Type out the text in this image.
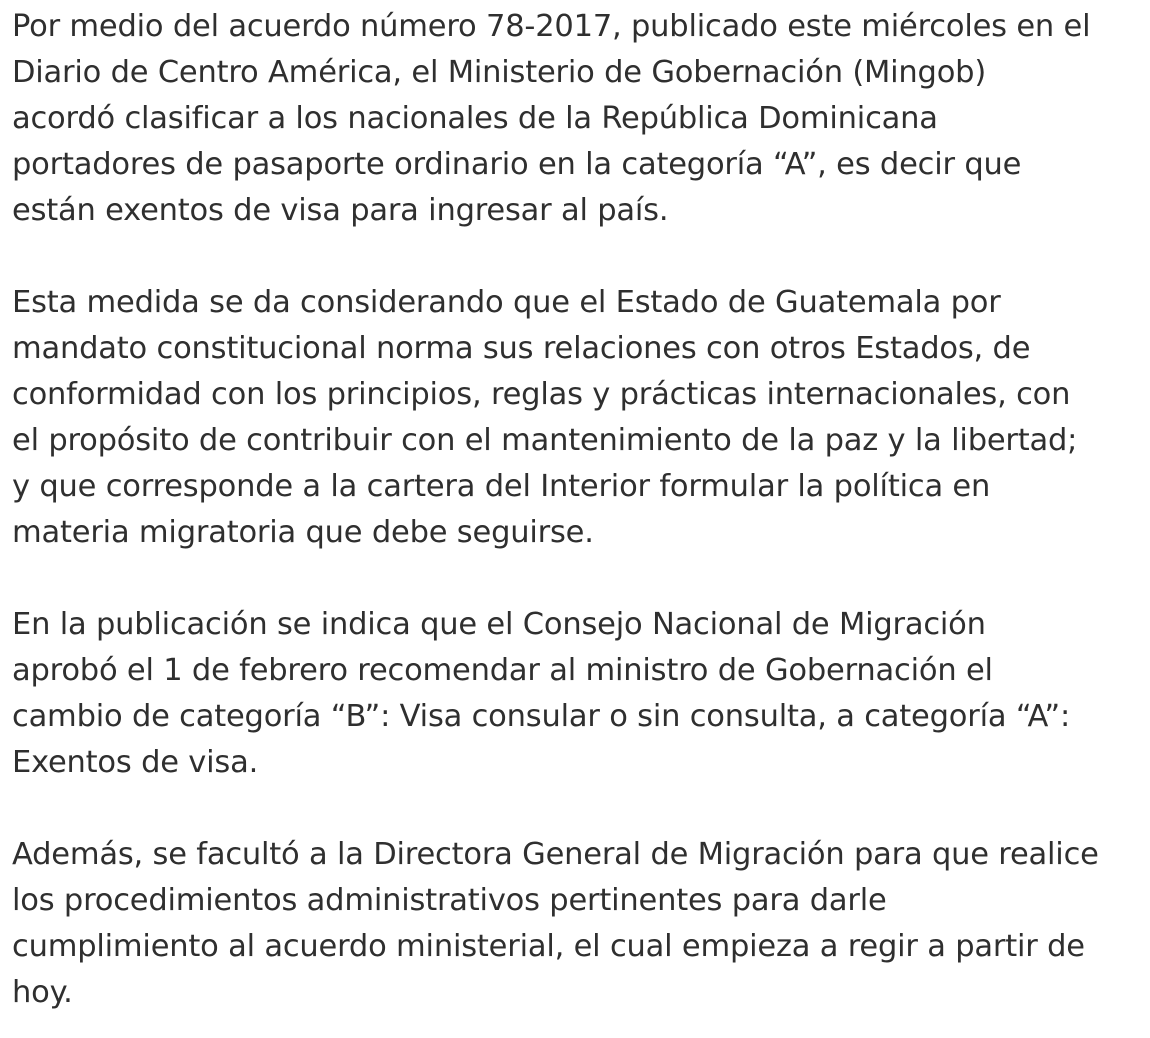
Por medio del acuerdo número 78-2017, publicado este miércoles en el
Diario de Centro América, el Ministerio de Gobernación (Mingob)
acordó clasificar a los nacionales de la República Dominicana
portadores de pasaporte ordinario en la categoría “A”, es decir que
están exentos de visa para ingresar al país.

Esta medida se da considerando que el Estado de Guatemala por
mandato constitucional norma sus relaciones con otros Estados, de
conformidad con los principios, reglas y prácticas internacionales, con
el propósito de contribuir con el mantenimiento de la paz y la libertad;
y que corresponde a la cartera del Interior formular la política en
materia migratoria que debe seguirse.

En la publicación se indica que el Consejo Nacional de Migración
aprobó el 1 de febrero recomendar al ministro de Gobernación el
cambio de categoría “B”: Visa consular o sin consulta, a categoría “A”:
Exentos de visa.

Además, se facultó a la Directora General de Migración para que realice
los procedimientos administrativos pertinentes para darle
cumplimiento al acuerdo ministerial, el cual empieza a regir a partir de
hoy.
